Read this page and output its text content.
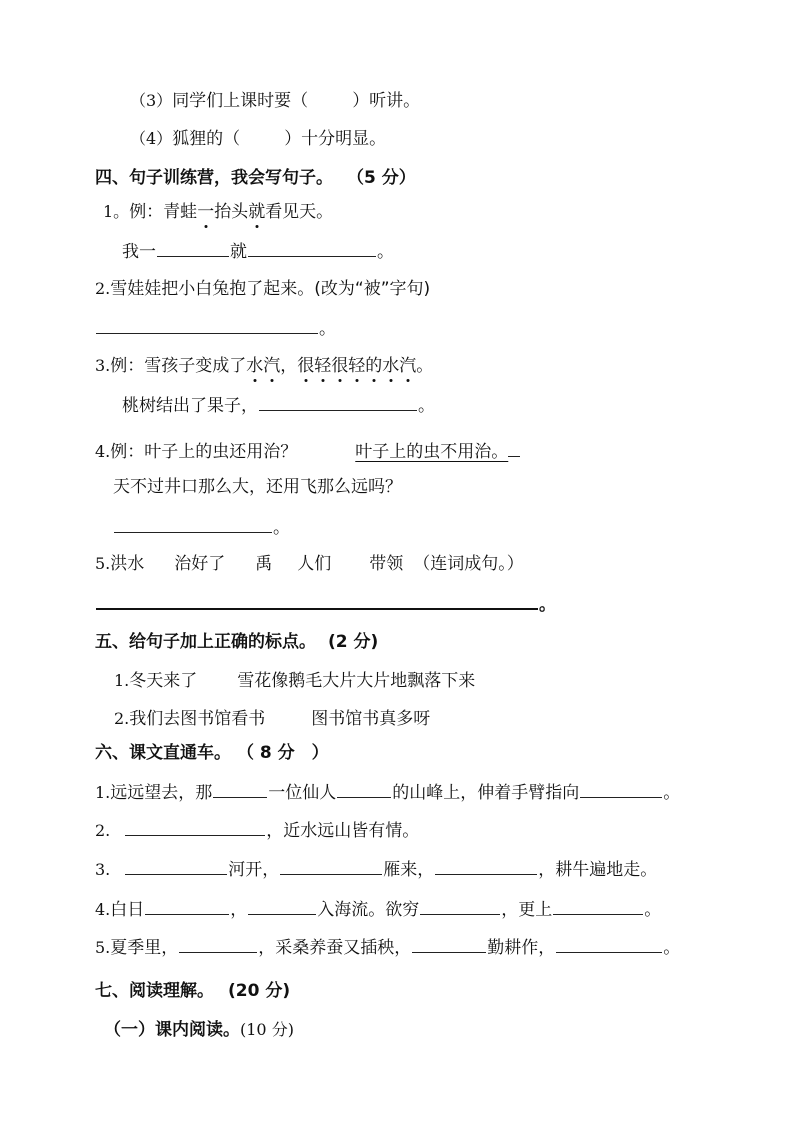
（3）同学们上课时要（	）听讲。
（4）狐狸的（	）十分明显。
四、句子训练营，我会写句子。 （5 分）
1。例：青蛙一抬头就看见天。
我一	就	。
2.雪娃娃把小白兔抱了起来。(改为“被”字句)
。
3.例：雪孩子变成了水汽，很轻很轻的水汽。
桃树结出了果子，	。
4.例：叶子上的虫还用治？	叶子上的虫不用治。
天不过井口那么大，还用飞那么远吗？
。
5.洪水 治好了 禹 人们 带领 （连词成句。）
。
五、给句子加上正确的标点。 (2 分)
1.冬天来了 雪花像鹅毛大片大片地飘落下来
2.我们去图书馆看书	图书馆书真多呀
六、课文直通车。 （ 8 分　）
1.远远望去，那	一位仙人	的山峰上，伸着手臂指向	。
2.	，近水远山皆有情。
3.	河开，	雁来，	，耕牛遍地走。
4.白日	，	入海流。欲穷	，更上	。
5.夏季里，	，采桑养蚕又插秧，	勤耕作，	。
七、阅读理解。 (20 分)
（一）课内阅读。(10 分)
